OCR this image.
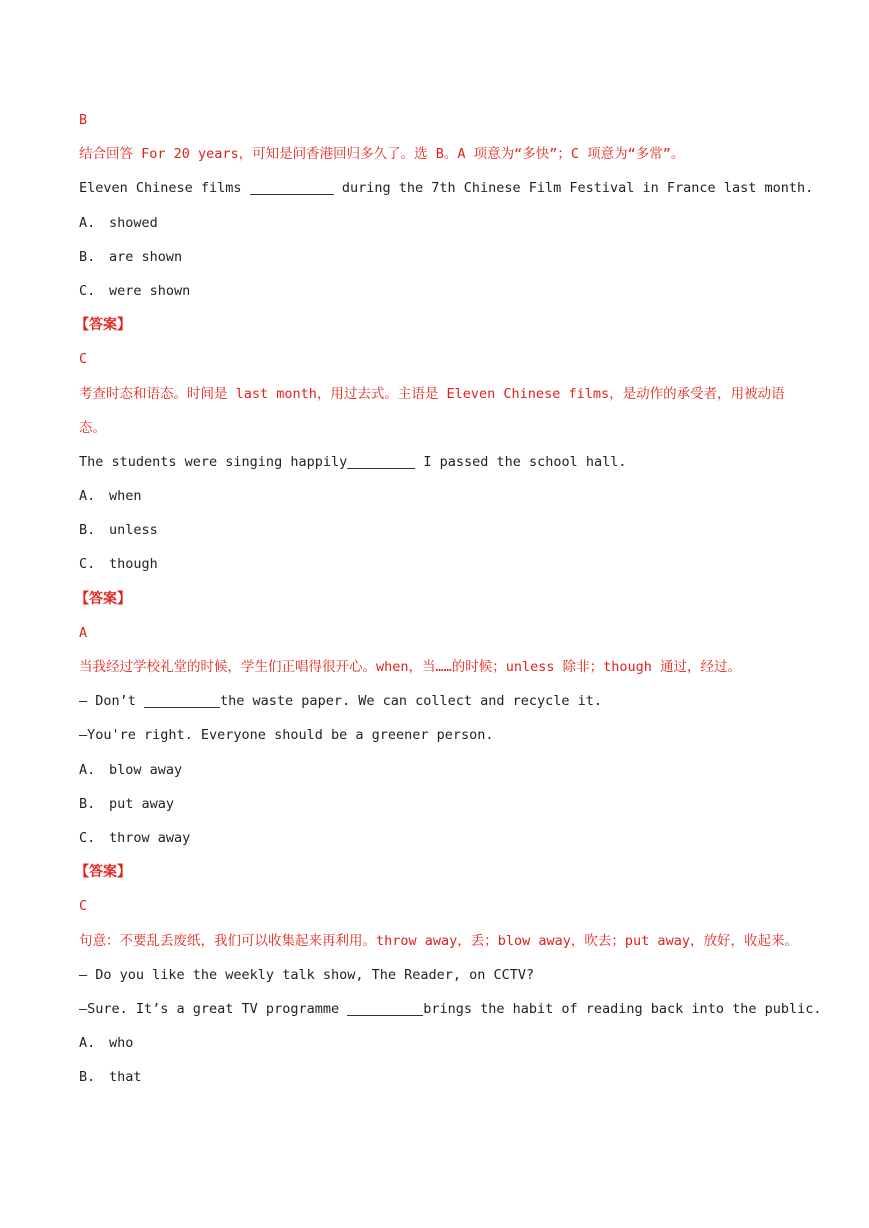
B
结合回答 For 20 years，可知是问香港回归多久了。选 B。A 项意为“多快”；C 项意为“多常”。
Eleven Chinese films	during the 7th Chinese Film Festival in France last month.
A. showed
B. are shown
C. were shown
【答案】
C
考查时态和语态。时间是 last month，用过去式。主语是 Eleven Chinese films，是动作的承受者，用被动语态。
The students were singing happily	I passed the school hall.
A. when
B. unless
C. though
【答案】
A
当我经过学校礼堂的时候，学生们正唱得很开心。when，当……的时候；unless 除非；though 通过，经过。
— Don’t	the waste paper. We can collect and recycle it.
—You're right. Everyone should be a greener person.
A. blow away
B. put away
C. throw away
【答案】
C
句意：不要乱丢废纸，我们可以收集起来再利用。throw away，丢；blow away，吹去；put away，放好，收起来。
— Do you like the weekly talk show, The Reader, on CCTV?
—Sure. It’s a great TV programme	brings the habit of reading back into the public.
A. who
B. that
